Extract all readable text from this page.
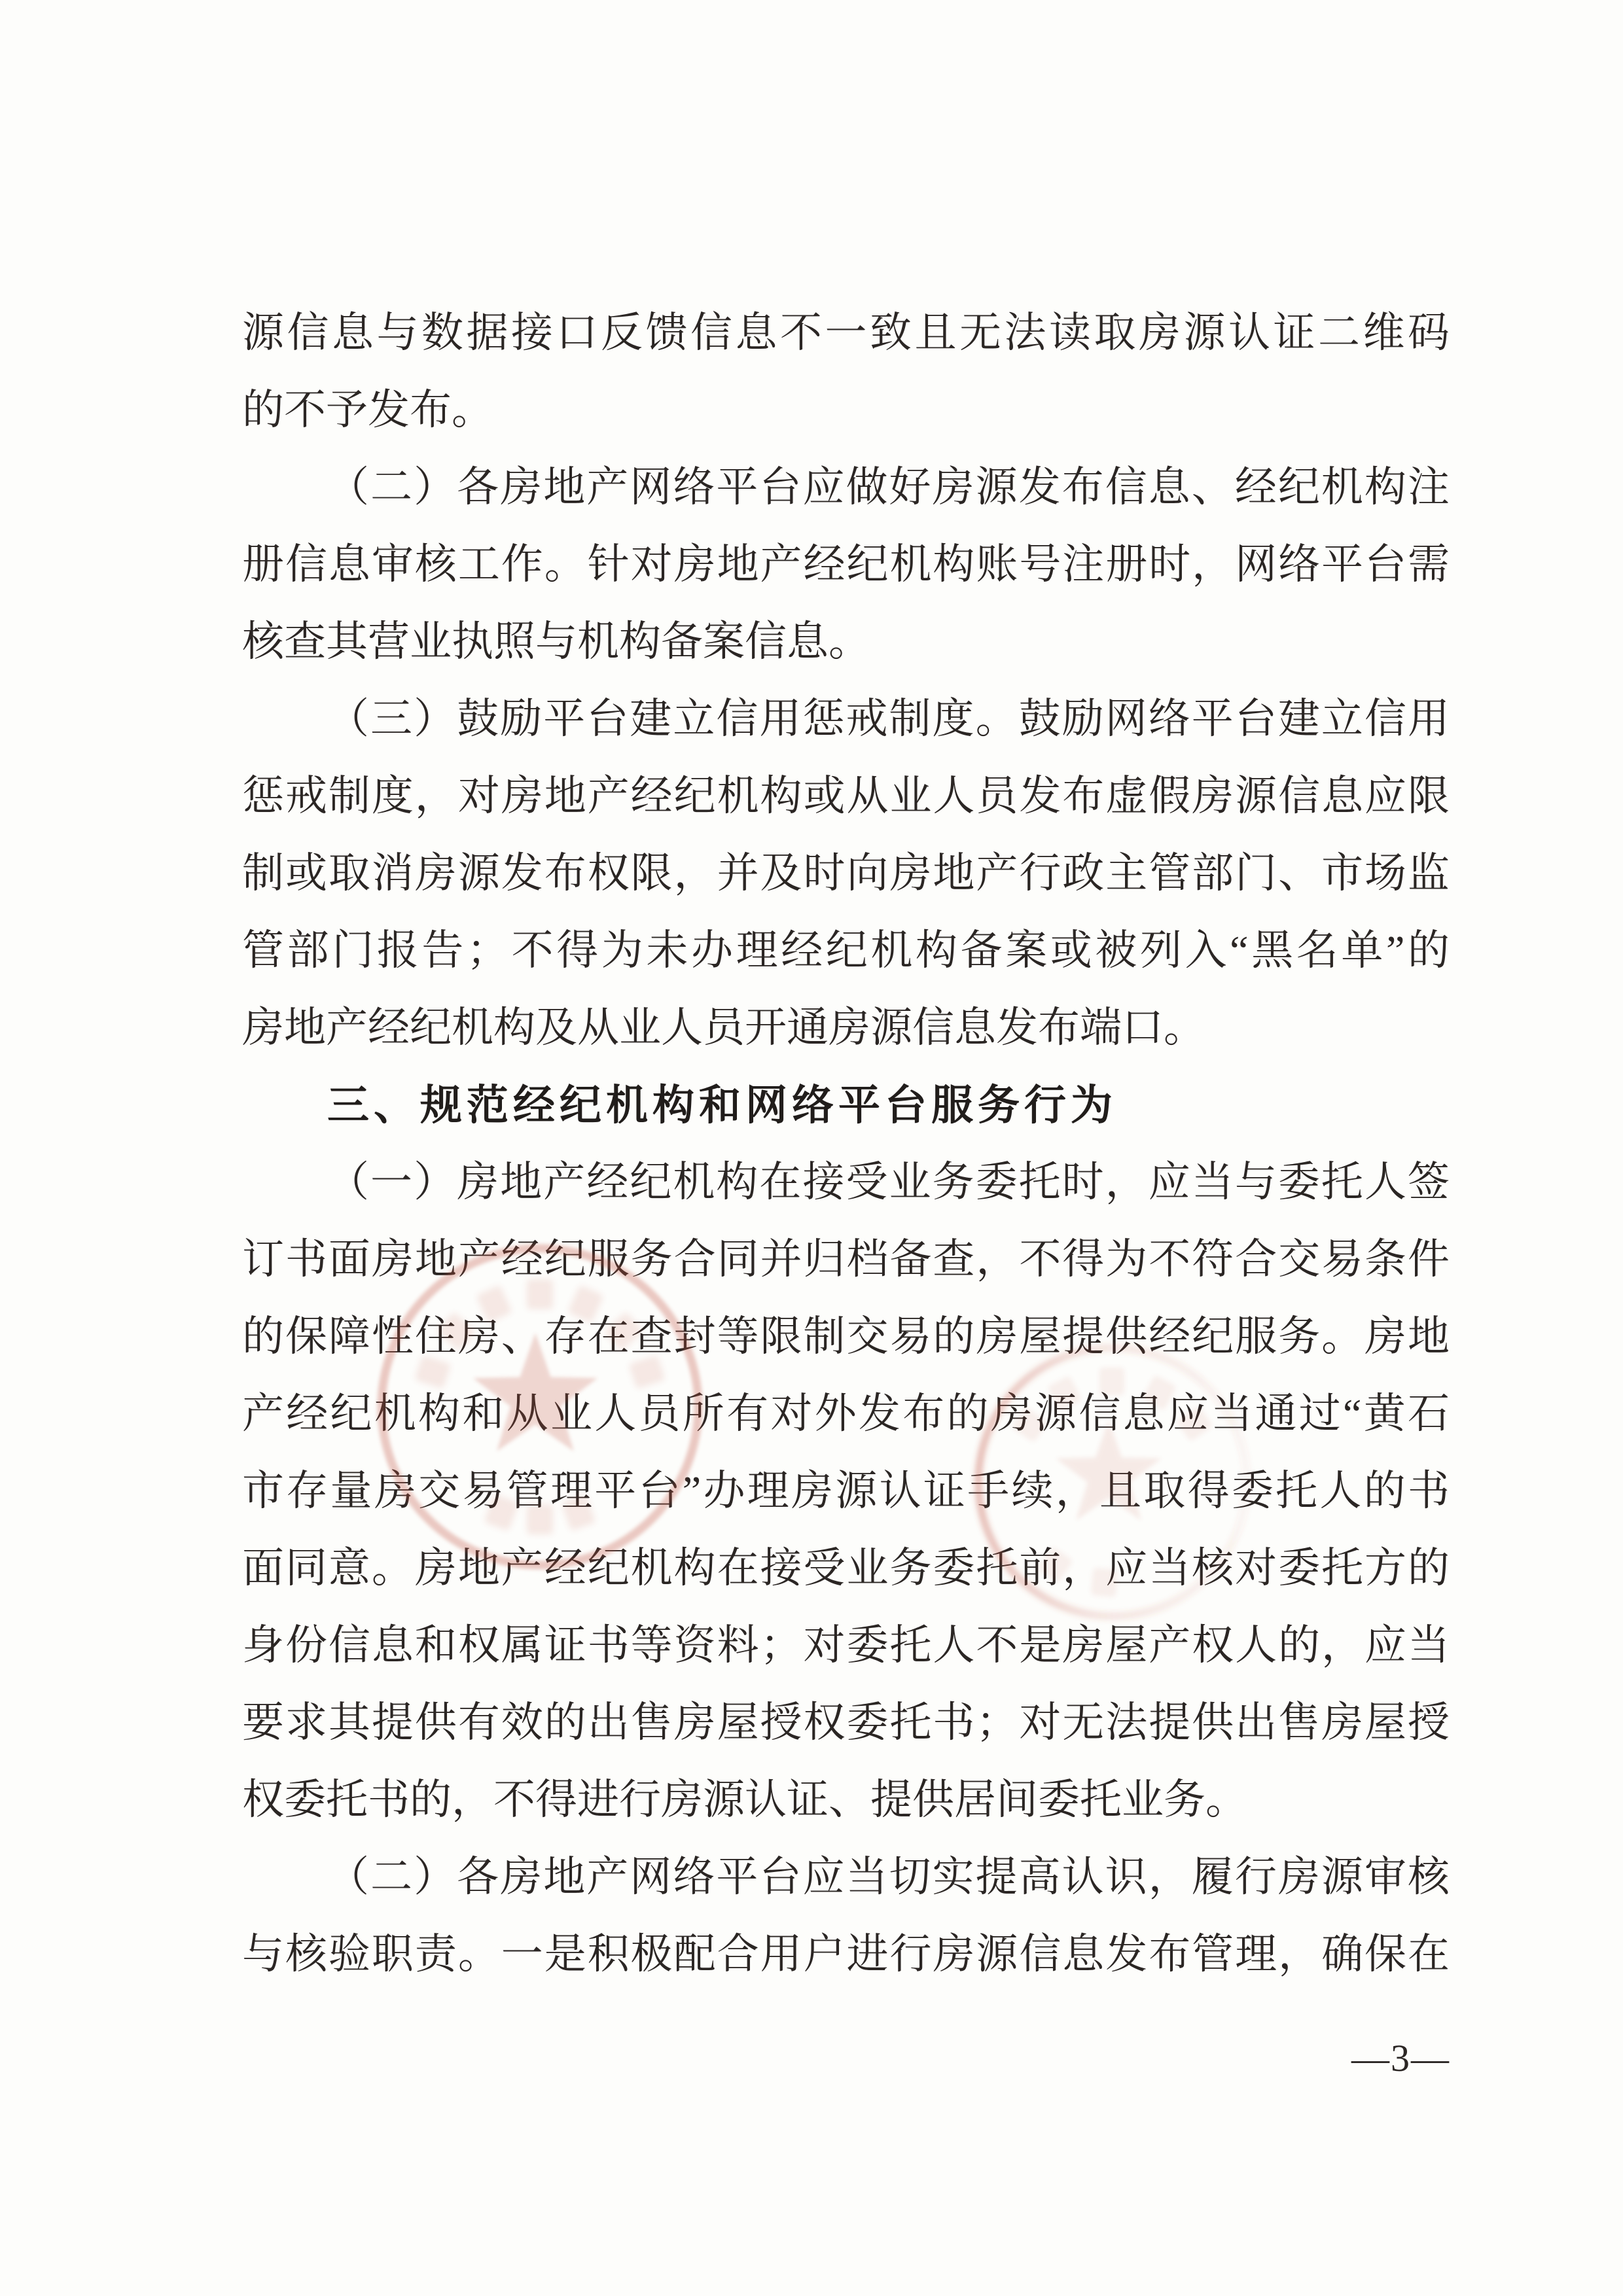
源信息与数据接口反馈信息不一致且无法读取房源认证二维码
的不予发布。
（二）各房地产网络平台应做好房源发布信息、经纪机构注
册信息审核工作。针对房地产经纪机构账号注册时，网络平台需
核查其营业执照与机构备案信息。
（三）鼓励平台建立信用惩戒制度。鼓励网络平台建立信用
惩戒制度，对房地产经纪机构或从业人员发布虚假房源信息应限
制或取消房源发布权限，并及时向房地产行政主管部门、市场监
管部门报告；不得为未办理经纪机构备案或被列入“黑名单”的
房地产经纪机构及从业人员开通房源信息发布端口。
三、规范经纪机构和网络平台服务行为
（一）房地产经纪机构在接受业务委托时，应当与委托人签
订书面房地产经纪服务合同并归档备查，不得为不符合交易条件
的保障性住房、存在查封等限制交易的房屋提供经纪服务。房地
产经纪机构和从业人员所有对外发布的房源信息应当通过“黄石
市存量房交易管理平台”办理房源认证手续，且取得委托人的书
面同意。房地产经纪机构在接受业务委托前，应当核对委托方的
身份信息和权属证书等资料；对委托人不是房屋产权人的，应当
要求其提供有效的出售房屋授权委托书；对无法提供出售房屋授
权委托书的，不得进行房源认证、提供居间委托业务。
（二）各房地产网络平台应当切实提高认识，履行房源审核
与核验职责。一是积极配合用户进行房源信息发布管理，确保在
—3—
